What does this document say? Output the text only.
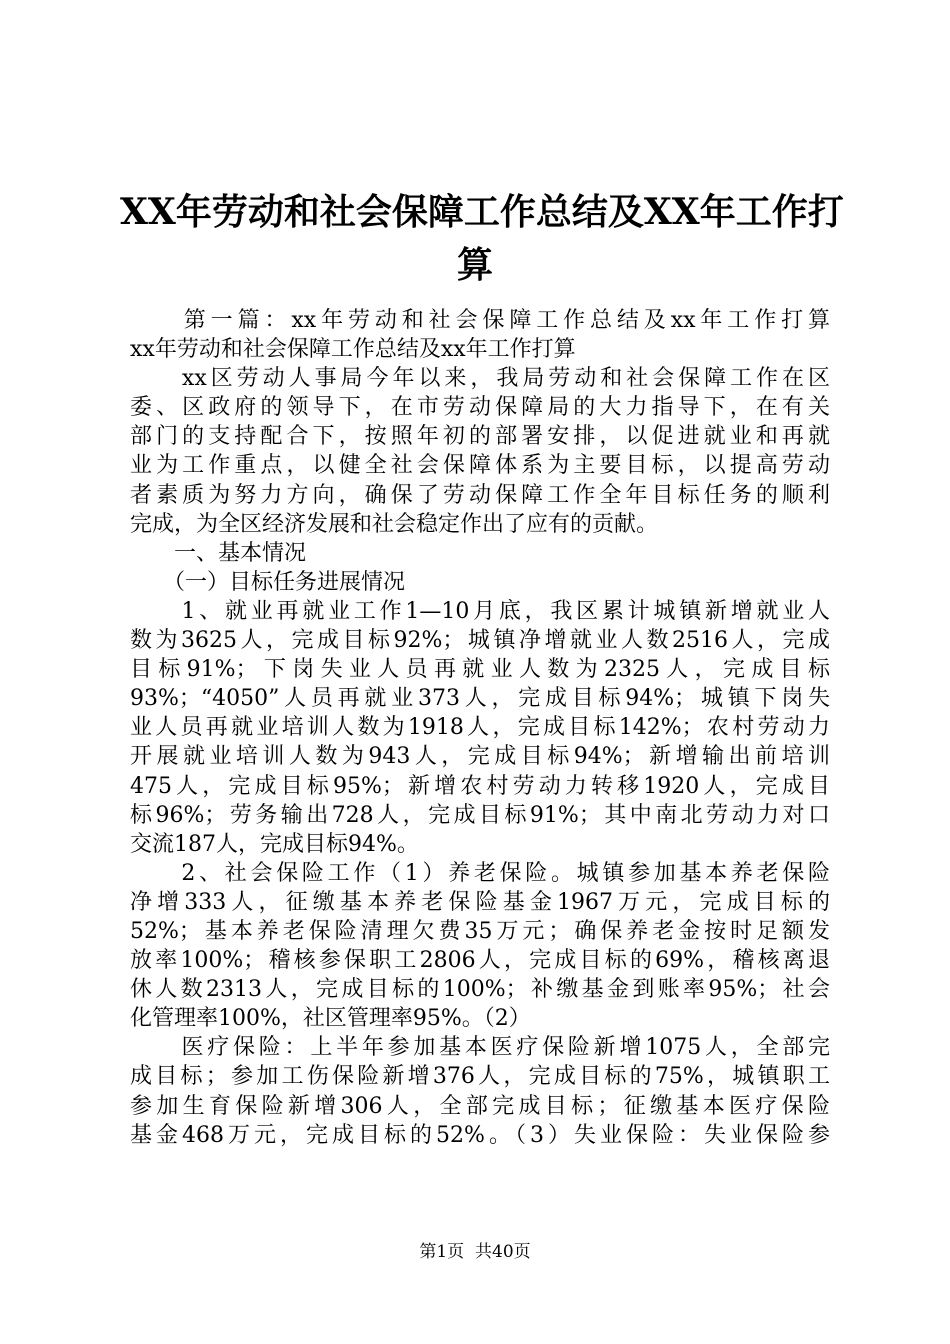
XX年劳动和社会保障工作总结及XX年工作打
算
　　第一篇：xx年劳动和社会保障工作总结及xx年工作打算
xx年劳动和社会保障工作总结及xx年工作打算
　　xx区劳动人事局今年以来，我局劳动和社会保障工作在区
委、区政府的领导下，在市劳动保障局的大力指导下，在有关
部门的支持配合下，按照年初的部署安排，以促进就业和再就
业为工作重点，以健全社会保障体系为主要目标，以提高劳动
者素质为努力方向，确保了劳动保障工作全年目标任务的顺利
完成，为全区经济发展和社会稳定作出了应有的贡献。
　　一、基本情况
　　（一）目标任务进展情况
　　1、就业再就业工作1—10月底，我区累计城镇新增就业人
数为3625人，完成目标92%；城镇净增就业人数2516人，完成
目标91%；下岗失业人员再就业人数为2325人，完成目标
93%；“4050”人员再就业373人，完成目标94%；城镇下岗失
业人员再就业培训人数为1918人，完成目标142%；农村劳动力
开展就业培训人数为943人，完成目标94%；新增输出前培训
475人，完成目标95%；新增农村劳动力转移1920人，完成目
标96%；劳务输出728人，完成目标91%；其中南北劳动力对口
交流187人，完成目标94%。
　　2、社会保险工作（1）养老保险。城镇参加基本养老保险
净增333人，征缴基本养老保险基金1967万元，完成目标的
52%；基本养老保险清理欠费35万元；确保养老金按时足额发
放率100%；稽核参保职工2806人，完成目标的69%，稽核离退
休人数2313人，完成目标的100%；补缴基金到账率95%；社会
化管理率100%，社区管理率95%。（2）
　　医疗保险：上半年参加基本医疗保险新增1075人，全部完
成目标；参加工伤保险新增376人，完成目标的75%，城镇职工
参加生育保险新增306人，全部完成目标；征缴基本医疗保险
基金468万元，完成目标的52%。（3）失业保险：失业保险参
第1页 共40页
